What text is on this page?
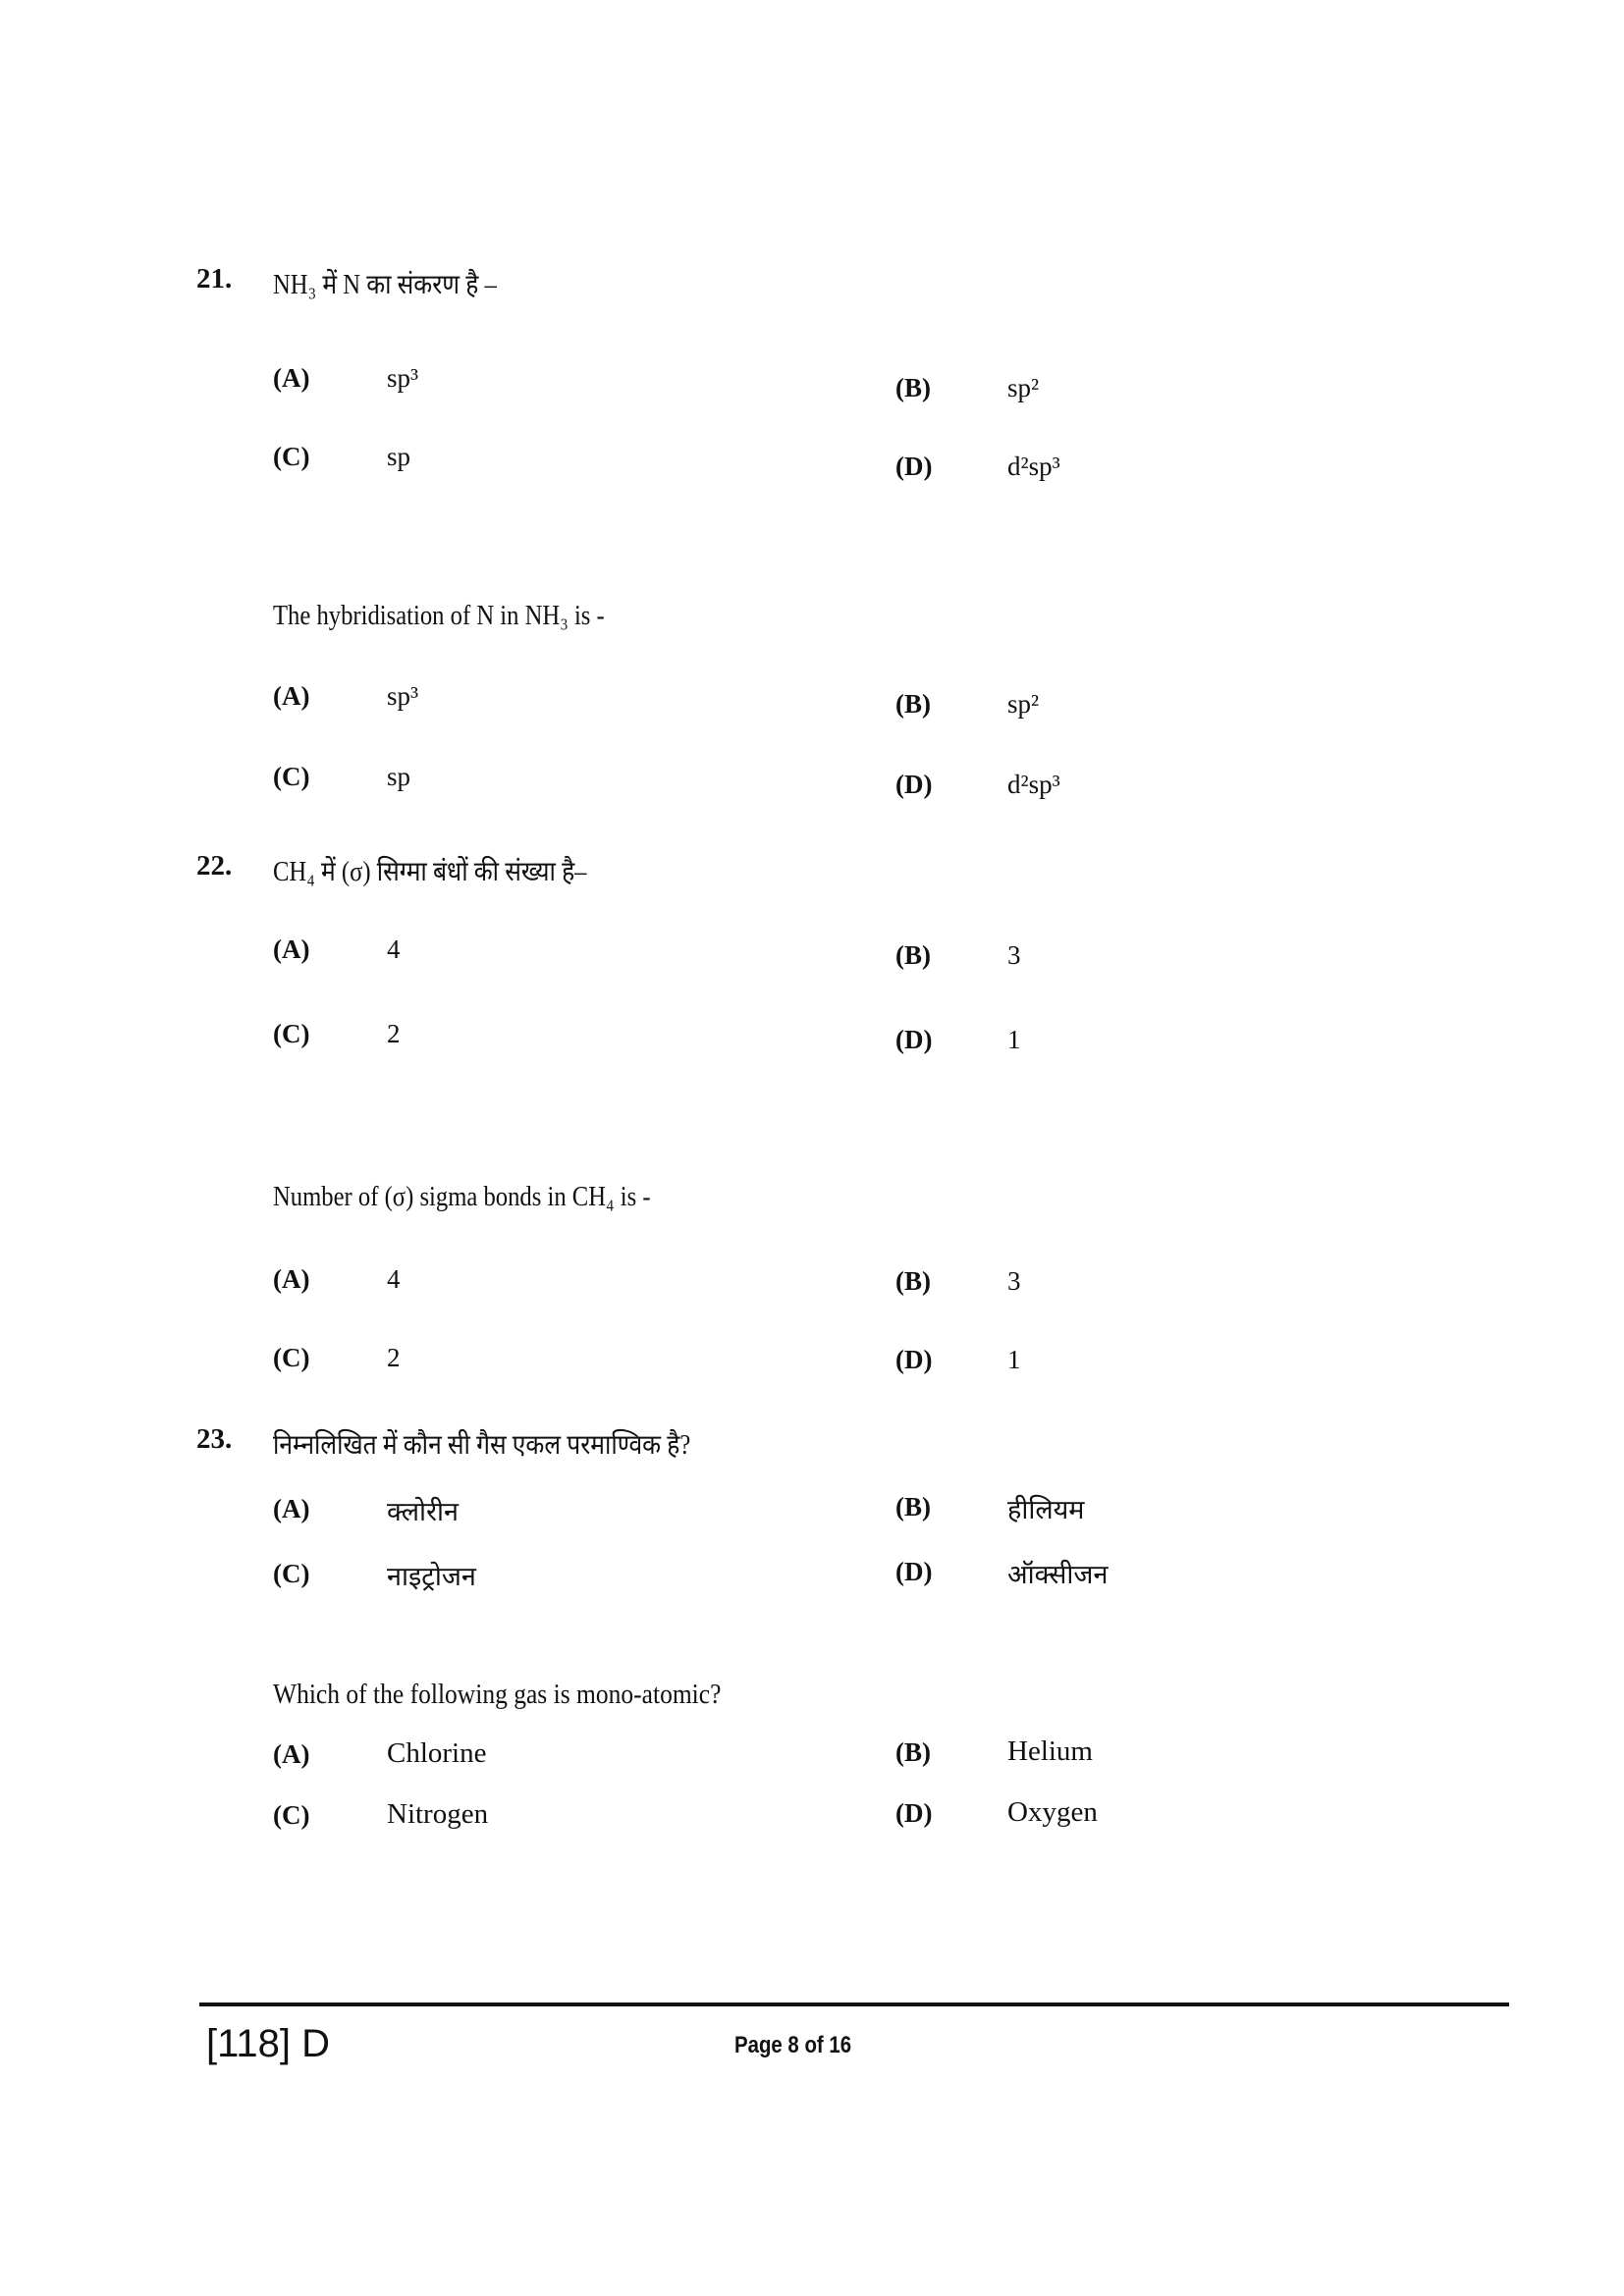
21. NH₃ में N का संकरण है –
(A)	sp³	(B)	sp²
(C)	sp	(D)	d²sp³
The hybridisation of N in NH₃ is -
(A)	sp³	(B)	sp²
(C)	sp	(D)	d²sp³
22. CH₄ में (σ) सिग्मा बंधों की संख्या है–
(A)	4	(B)	3
(C)	2	(D)	1
Number of (σ) sigma bonds in CH₄ is -
(A)	4	(B)	3
(C)	2	(D)	1
23. निम्नलिखित में कौन सी गैस एकल परमाण्विक है?
(A)	क्लोरीन	(B)	हीलियम
(C)	नाइट्रोजन	(D)	ऑक्सीजन
Which of the following gas is mono-atomic?
(A)	Chlorine	(B)	Helium
(C)	Nitrogen	(D)	Oxygen
[118] D	Page 8 of 16
